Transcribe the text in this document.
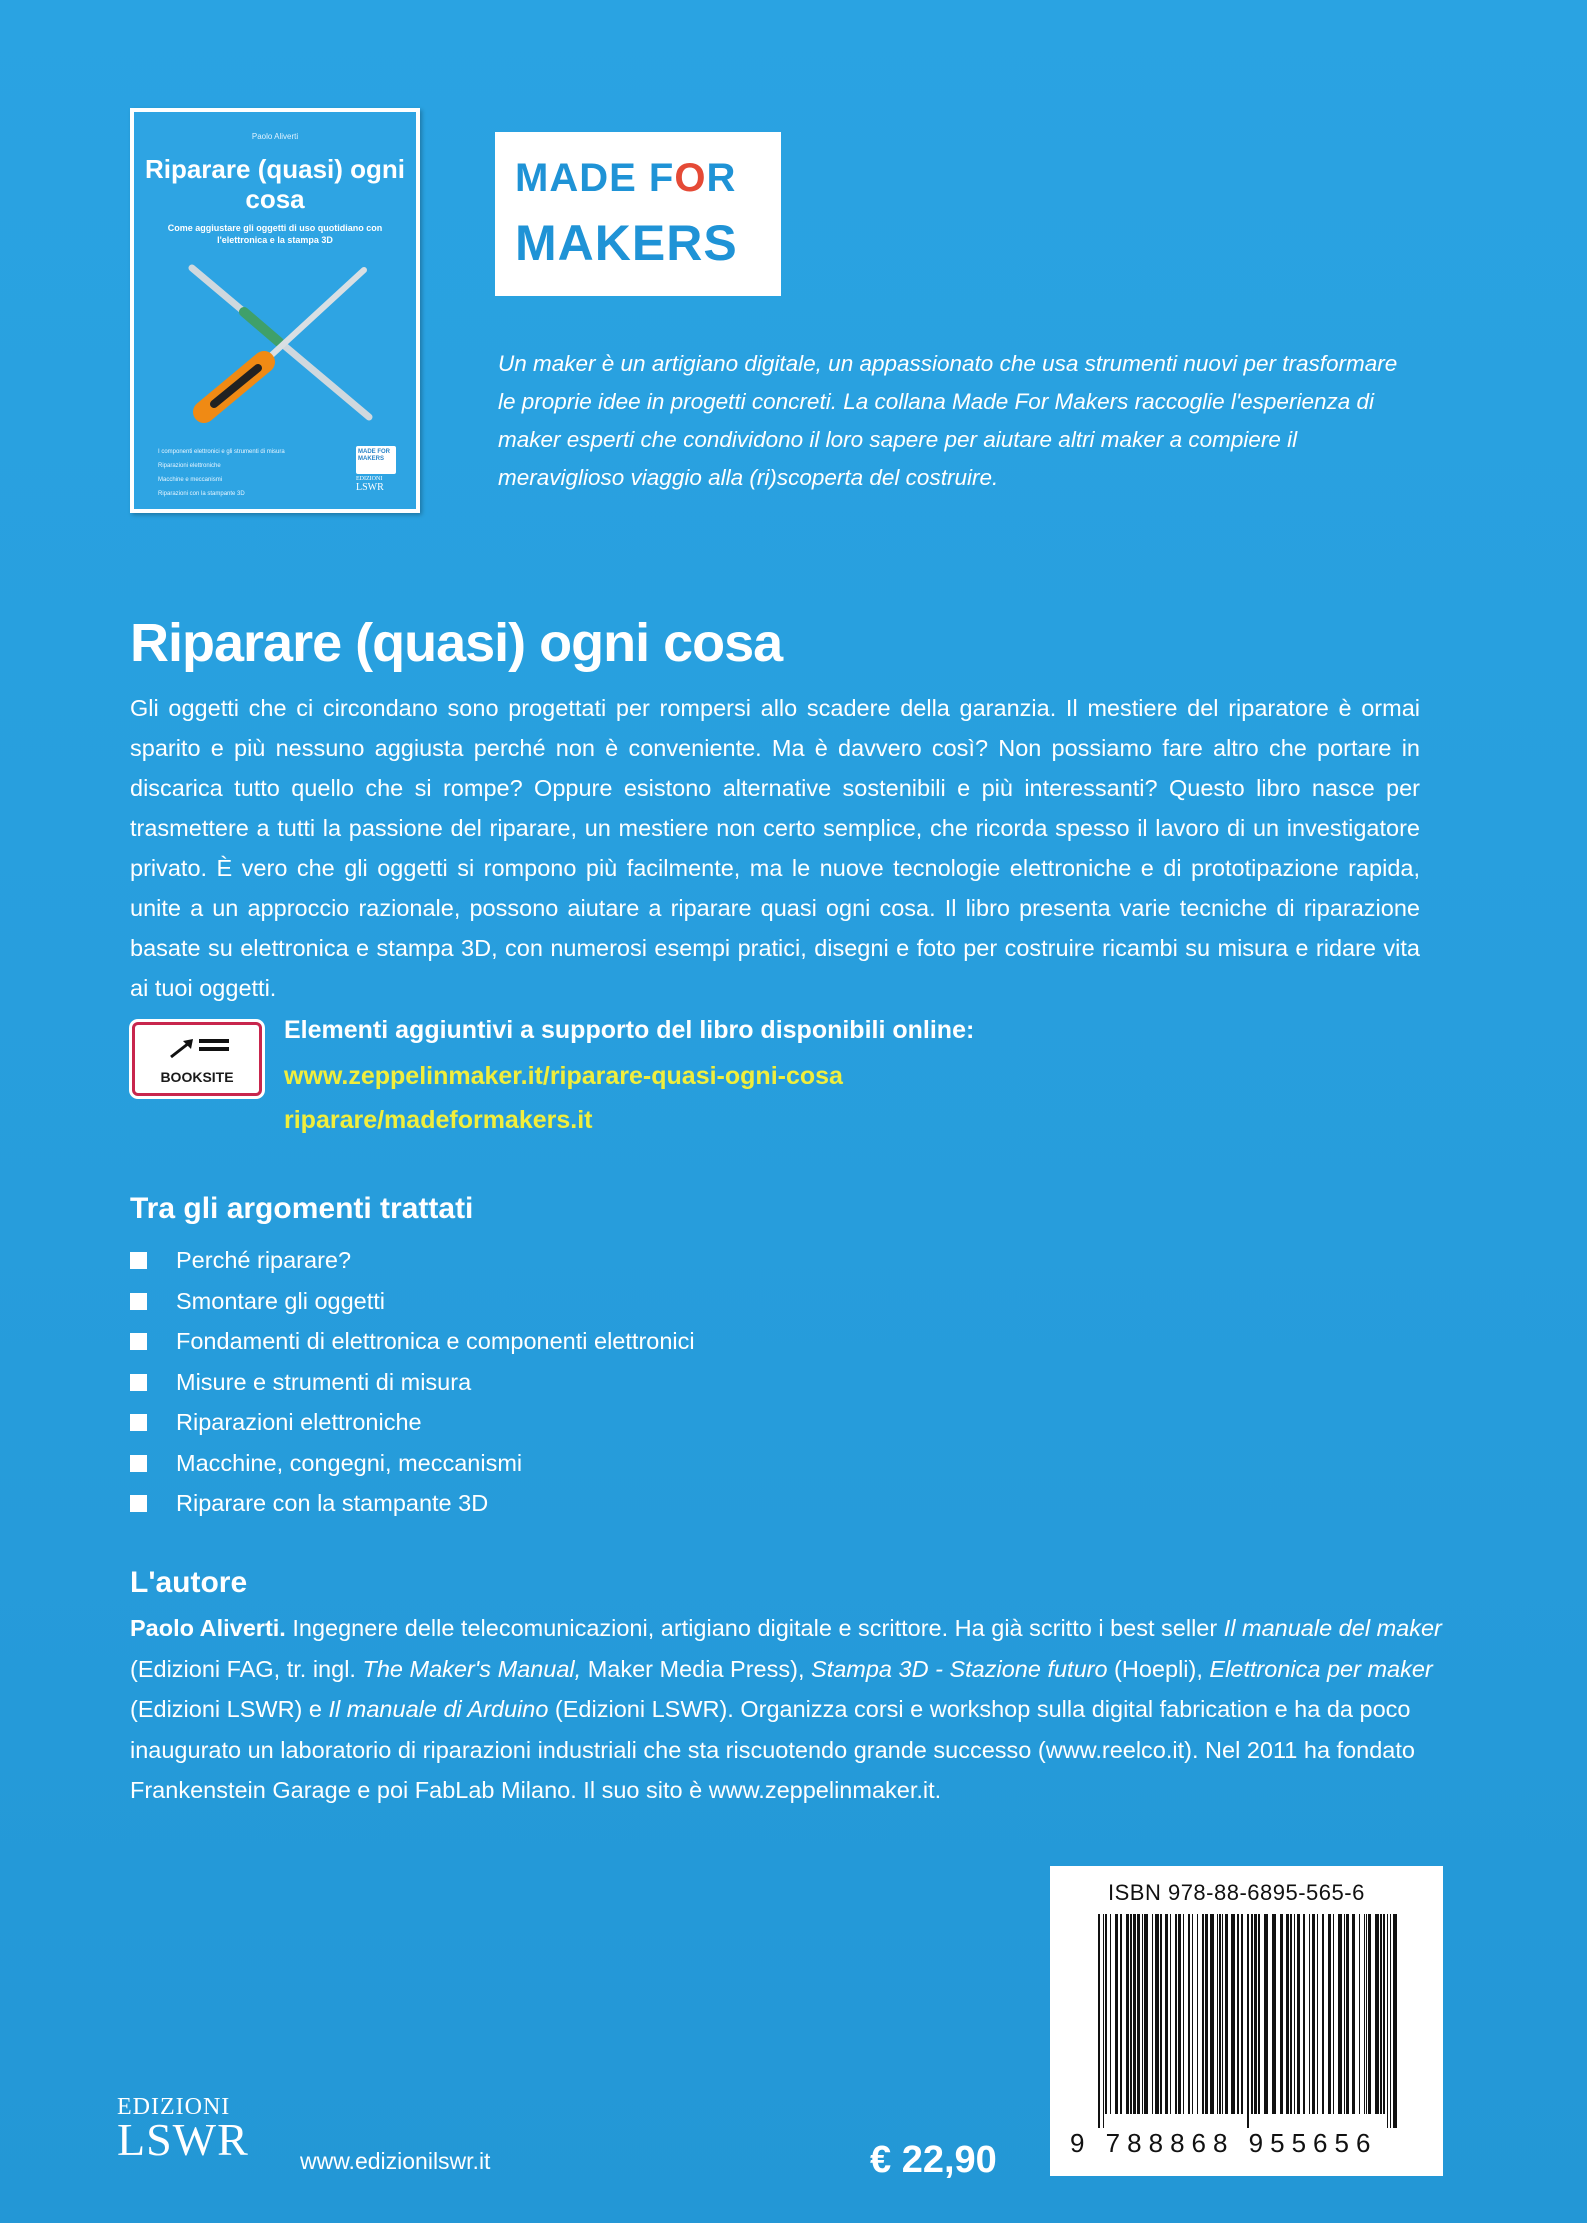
Paolo Aliverti
Riparare (quasi) ogni cosa
Come aggiustare gli oggetti di uso quotidiano con l'elettronica e la stampa 3D
I componenti elettronici e gli strumenti di misura
Riparazioni elettroniche
Macchine e meccanismi
Riparazioni con la stampante 3D
MADE FOR MAKERS
EDIZIONI
LSWR
MADE FOR
MAKERS
Un maker è un artigiano digitale, un appassionato che usa strumenti nuovi per trasformare le proprie idee in progetti concreti. La collana Made For Makers raccoglie l'esperienza di maker esperti che condividono il loro sapere per aiutare altri maker a compiere il meraviglioso viaggio alla (ri)scoperta del costruire.
Riparare (quasi) ogni cosa
Gli oggetti che ci circondano sono progettati per rompersi allo scadere della garanzia. Il mestiere del riparatore è ormai sparito e più nessuno aggiusta perché non è conveniente. Ma è davvero così? Non possiamo fare altro che portare in discarica tutto quello che si rompe? Oppure esistono alternative sostenibili e più interessanti? Questo libro nasce per trasmettere a tutti la passione del riparare, un mestiere non certo semplice, che ricorda spesso il lavoro di un investigatore privato. È vero che gli oggetti si rompono più facilmente, ma le nuove tecnologie elettroniche e di prototipazione rapida, unite a un approccio razionale, possono aiutare a riparare quasi ogni cosa. Il libro presenta varie tecniche di riparazione basate su elettronica e stampa 3D, con numerosi esempi pratici, disegni e foto per costruire ricambi su misura e ridare vita ai tuoi oggetti.
BOOKSITE
Elementi aggiuntivi a supporto del libro disponibili online:
www.zeppelinmaker.it/riparare-quasi-ogni-cosa
riparare/madeformakers.it
Tra gli argomenti trattati
Perché riparare?
Smontare gli oggetti
Fondamenti di elettronica e componenti elettronici
Misure e strumenti di misura
Riparazioni elettroniche
Macchine, congegni, meccanismi
Riparare con la stampante 3D
L'autore
Paolo Aliverti. Ingegnere delle telecomunicazioni, artigiano digitale e scrittore. Ha già scritto i best seller Il manuale del maker (Edizioni FAG, tr. ingl. The Maker's Manual, Maker Media Press), Stampa 3D - Stazione futuro (Hoepli), Elettronica per maker (Edizioni LSWR) e Il manuale di Arduino (Edizioni LSWR). Organizza corsi e workshop sulla digital fabrication e ha da poco inaugurato un laboratorio di riparazioni industriali che sta riscuotendo grande successo (www.reelco.it). Nel 2011 ha fondato Frankenstein Garage e poi FabLab Milano. Il suo sito è www.zeppelinmaker.it.
ISBN 978-88-6895-565-6
9 788868 955656
EDIZIONI
LSWR www.edizionilswr.it	€ 22,90
